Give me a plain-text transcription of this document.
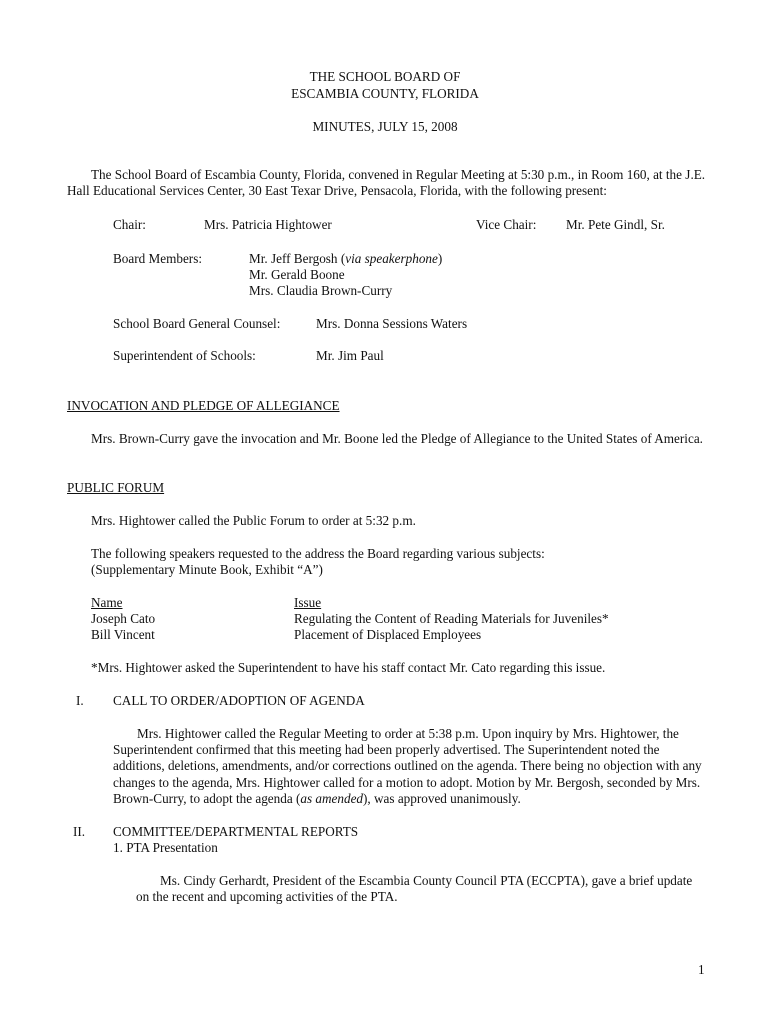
THE SCHOOL BOARD OF
ESCAMBIA COUNTY, FLORIDA
MINUTES, JULY 15, 2008
The School Board of Escambia County, Florida, convened in Regular Meeting at 5:30 p.m., in Room 160, at the J.E. Hall Educational Services Center, 30 East Texar Drive, Pensacola, Florida, with the following present:
Chair:	Mrs. Patricia Hightower	Vice Chair: Mr. Pete Gindl, Sr.
Board Members:	Mr. Jeff Bergosh (via speakerphone)
Mr. Gerald Boone
Mrs. Claudia Brown-Curry
School Board General Counsel:	Mrs. Donna Sessions Waters
Superintendent of Schools:	Mr. Jim Paul
INVOCATION AND PLEDGE OF ALLEGIANCE
Mrs. Brown-Curry gave the invocation and Mr. Boone led the Pledge of Allegiance to the United States of America.
PUBLIC FORUM
Mrs. Hightower called the Public Forum to order at 5:32 p.m.
The following speakers requested to the address the Board regarding various subjects:
(Supplementary Minute Book, Exhibit “A”)
Name	Issue
Joseph Cato	Regulating the Content of Reading Materials for Juveniles*
Bill Vincent	Placement of Displaced Employees
*Mrs. Hightower asked the Superintendent to have his staff contact Mr. Cato regarding this issue.
I. CALL TO ORDER/ADOPTION OF AGENDA
Mrs. Hightower called the Regular Meeting to order at 5:38 p.m. Upon inquiry by Mrs. Hightower, the Superintendent confirmed that this meeting had been properly advertised. The Superintendent noted the additions, deletions, amendments, and/or corrections outlined on the agenda. There being no objection with any changes to the agenda, Mrs. Hightower called for a motion to adopt. Motion by Mr. Bergosh, seconded by Mrs. Brown-Curry, to adopt the agenda (as amended), was approved unanimously.
II. COMMITTEE/DEPARTMENTAL REPORTS
1. PTA Presentation
Ms. Cindy Gerhardt, President of the Escambia County Council PTA (ECCPTA), gave a brief update on the recent and upcoming activities of the PTA.
1
